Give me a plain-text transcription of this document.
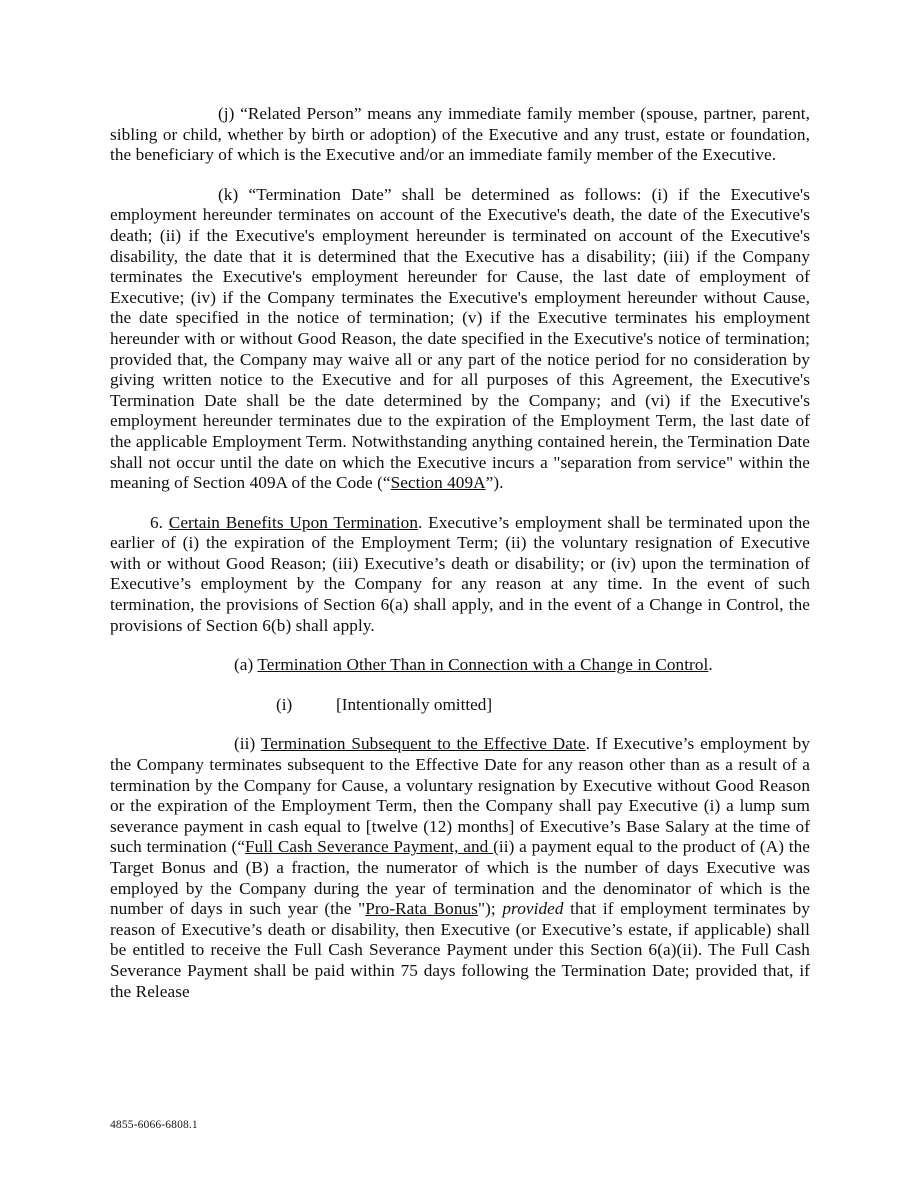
(j) “Related Person” means any immediate family member (spouse, partner, parent, sibling or child, whether by birth or adoption) of the Executive and any trust, estate or foundation, the beneficiary of which is the Executive and/or an immediate family member of the Executive.

(k) “Termination Date” shall be determined as follows: (i) if the Executive's employment hereunder terminates on account of the Executive's death, the date of the Executive's death; (ii) if the Executive's employment hereunder is terminated on account of the Executive's disability, the date that it is determined that the Executive has a disability; (iii) if the Company terminates the Executive's employment hereunder for Cause, the last date of employment of Executive; (iv) if the Company terminates the Executive's employment hereunder without Cause, the date specified in the notice of termination; (v) if the Executive terminates his employment hereunder with or without Good Reason, the date specified in the Executive's notice of termination; provided that, the Company may waive all or any part of the notice period for no consideration by giving written notice to the Executive and for all purposes of this Agreement, the Executive's Termination Date shall be the date determined by the Company; and (vi) if the Executive's employment hereunder terminates due to the expiration of the Employment Term, the last date of the applicable Employment Term. Notwithstanding anything contained herein, the Termination Date shall not occur until the date on which the Executive incurs a "separation from service" within the meaning of Section 409A of the Code (“Section 409A”).

6. Certain Benefits Upon Termination. Executive’s employment shall be terminated upon the earlier of (i) the expiration of the Employment Term; (ii) the voluntary resignation of Executive with or without Good Reason; (iii) Executive’s death or disability; or (iv) upon the termination of Executive’s employment by the Company for any reason at any time. In the event of such termination, the provisions of Section 6(a) shall apply, and in the event of a Change in Control, the provisions of Section 6(b) shall apply.

(a) Termination Other Than in Connection with a Change in Control.

(i)	[Intentionally omitted]

(ii) Termination Subsequent to the Effective Date. If Executive’s employment by the Company terminates subsequent to the Effective Date for any reason other than as a result of a termination by the Company for Cause, a voluntary resignation by Executive without Good Reason or the expiration of the Employment Term, then the Company shall pay Executive (i) a lump sum severance payment in cash equal to [twelve (12) months] of Executive’s Base Salary at the time of such termination (“Full Cash Severance Payment, and (ii) a payment equal to the product of (A) the Target Bonus and (B) a fraction, the numerator of which is the number of days Executive was employed by the Company during the year of termination and the denominator of which is the number of days in such year (the "Pro-Rata Bonus"); provided that if employment terminates by reason of Executive’s death or disability, then Executive (or Executive’s estate, if applicable) shall be entitled to receive the Full Cash Severance Payment under this Section 6(a)(ii). The Full Cash Severance Payment shall be paid within 75 days following the Termination Date; provided that, if the Release

4855-6066-6808.1
